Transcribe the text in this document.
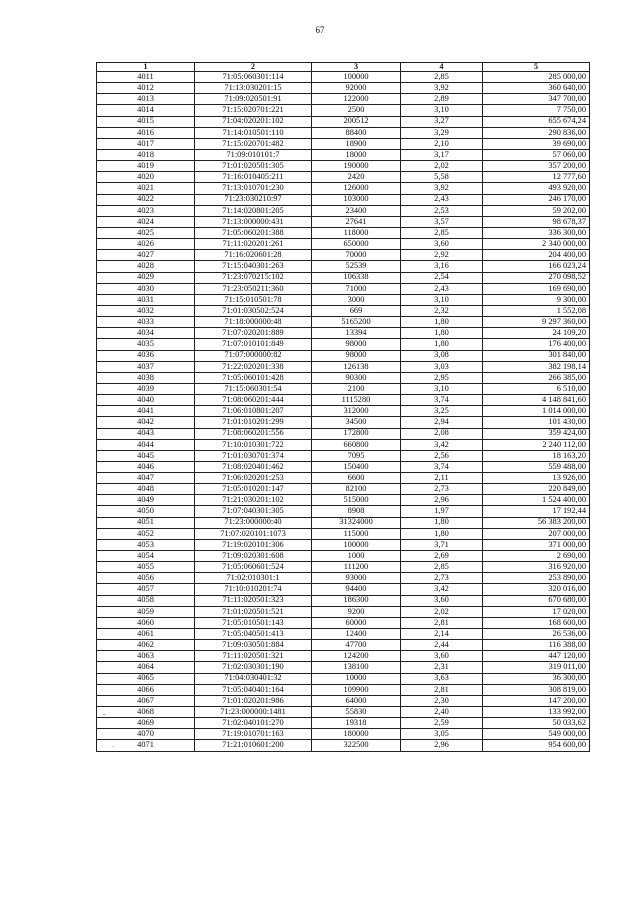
67
1	2	3	4	5
4011	71:05:060301:114	100000	2,85	285 000,00
4012	71:13:030201:15	92000	3,92	360 640,00
4013	71:09:020501:91	122000	2,89	347 700,00
4014	71:15:020701:221	2500	3,10	7 750,00
4015	71:04:020201:102	200512	3,27	655 674,24
4016	71:14:010501:110	88400	3,29	290 836,00
4017	71:15:020701:482	18900	2,10	39 690,00
4018	71:09:010101:7	18000	3,17	57 060,00
4019	71:01:020501:305	190000	2,02	357 200,00
4020	71:16:010405:211	2420	5,58	12 777,60
4021	71:13:010701:230	126000	3,92	493 920,00
4022	71:23:030210:97	103000	2,43	246 170,00
4023	71:14:020801:205	23400	2,53	59 202,00
4024	71:13:000000:431	27641	3,57	98 678,37
4025	71:05:060201:388	118000	2,85	336 300,00
4026	71:11:020201:261	650000	3,60	2 340 000,00
4027	71:16:020601:28	70000	2,92	204 400,00
4028	71:15:040301:263	52539	3,16	166 023,24
4029	71:23:070215:102	106338	2,54	270 098,52
4030	71:23:050211:360	71000	2,43	169 690,00
4031	71:15:010501:78	3000	3,10	9 300,00
4032	71:01:030502:524	669	2,32	1 552,08
4033	71:18:000000:48	5165200	1,80	9 297 360,00
4034	71:07:020201:889	13394	1,80	24 109,20
4035	71:07:010101:849	98000	1,80	176 400,00
4036	71:07:000000:82	98000	3,08	301 840,00
4037	71:22:020201:338	126138	3,03	382 198,14
4038	71:05:060101:428	90300	2,95	266 385,00
4039	71:15:060301:54	2100	3,10	6 510,00
4040	71:08:060201:444	1115280	3,74	4 148 841,60
4041	71:06:010801:207	312000	3,25	1 014 000,00
4042	71:01:010201:299	34500	2,94	101 430,00
4043	71:08:060201:556	172800	2,08	359 424,00
4044	71:10:010301:722	660800	3,42	2 240 112,00
4045	71:01:030701:374	7095	2,56	18 163,20
4046	71:08:020401:462	150400	3,74	559 488,00
4047	71:06:020201:253	6600	2,11	13 926,00
4048	71:05:010201:147	82100	2,73	220 849,00
4049	71:21:030201:102	515000	2,96	1 524 400,00
4050	71:07:040301:305	8908	1,97	17 192,44
4051	71:23:000000:40	31324000	1,80	56 383 200,00
4052	71:07:020101:1073	115000	1,80	207 000,00
4053	71:19:020101:306	100000	3,71	371 000,00
4054	71:09:020301:608	1000	2,69	2 690,00
4055	71:05:060601:524	111200	2,85	316 920,00
4056	71:02:010301:1	93000	2,73	253 890,00
4057	71:10:010201:74	94400	3,42	320 016,00
4058	71:11:020501:323	186300	3,60	670 680,00
4059	71:01:020501:521	9200	2,02	17 020,00
4060	71:05:010501:143	60000	2,81	168 600,00
4061	71:05:040501:413	12400	2,14	26 536,00
4062	71:09:030501:884	47700	2,44	116 388,00
4063	71:11:020501:321	124200	3,60	447 120,00
4064	71:02:030301:190	138100	2,31	319 011,00
4065	71:04:030401:32	10000	3,63	36 300,00
4066	71:05:040401:164	109900	2,81	308 819,00
4067	71:01:020201:986	64000	2,30	147 200,00
4068	71:23:000000:1481	55830	2,40	133 992,00
4069	71:02:040101:270	19318	2,59	50 033,62
4070	71:19:010701:163	180000	3,05	549 000,00
4071	71:21:010601:200	322500	2,96	954 600,00
-
·
